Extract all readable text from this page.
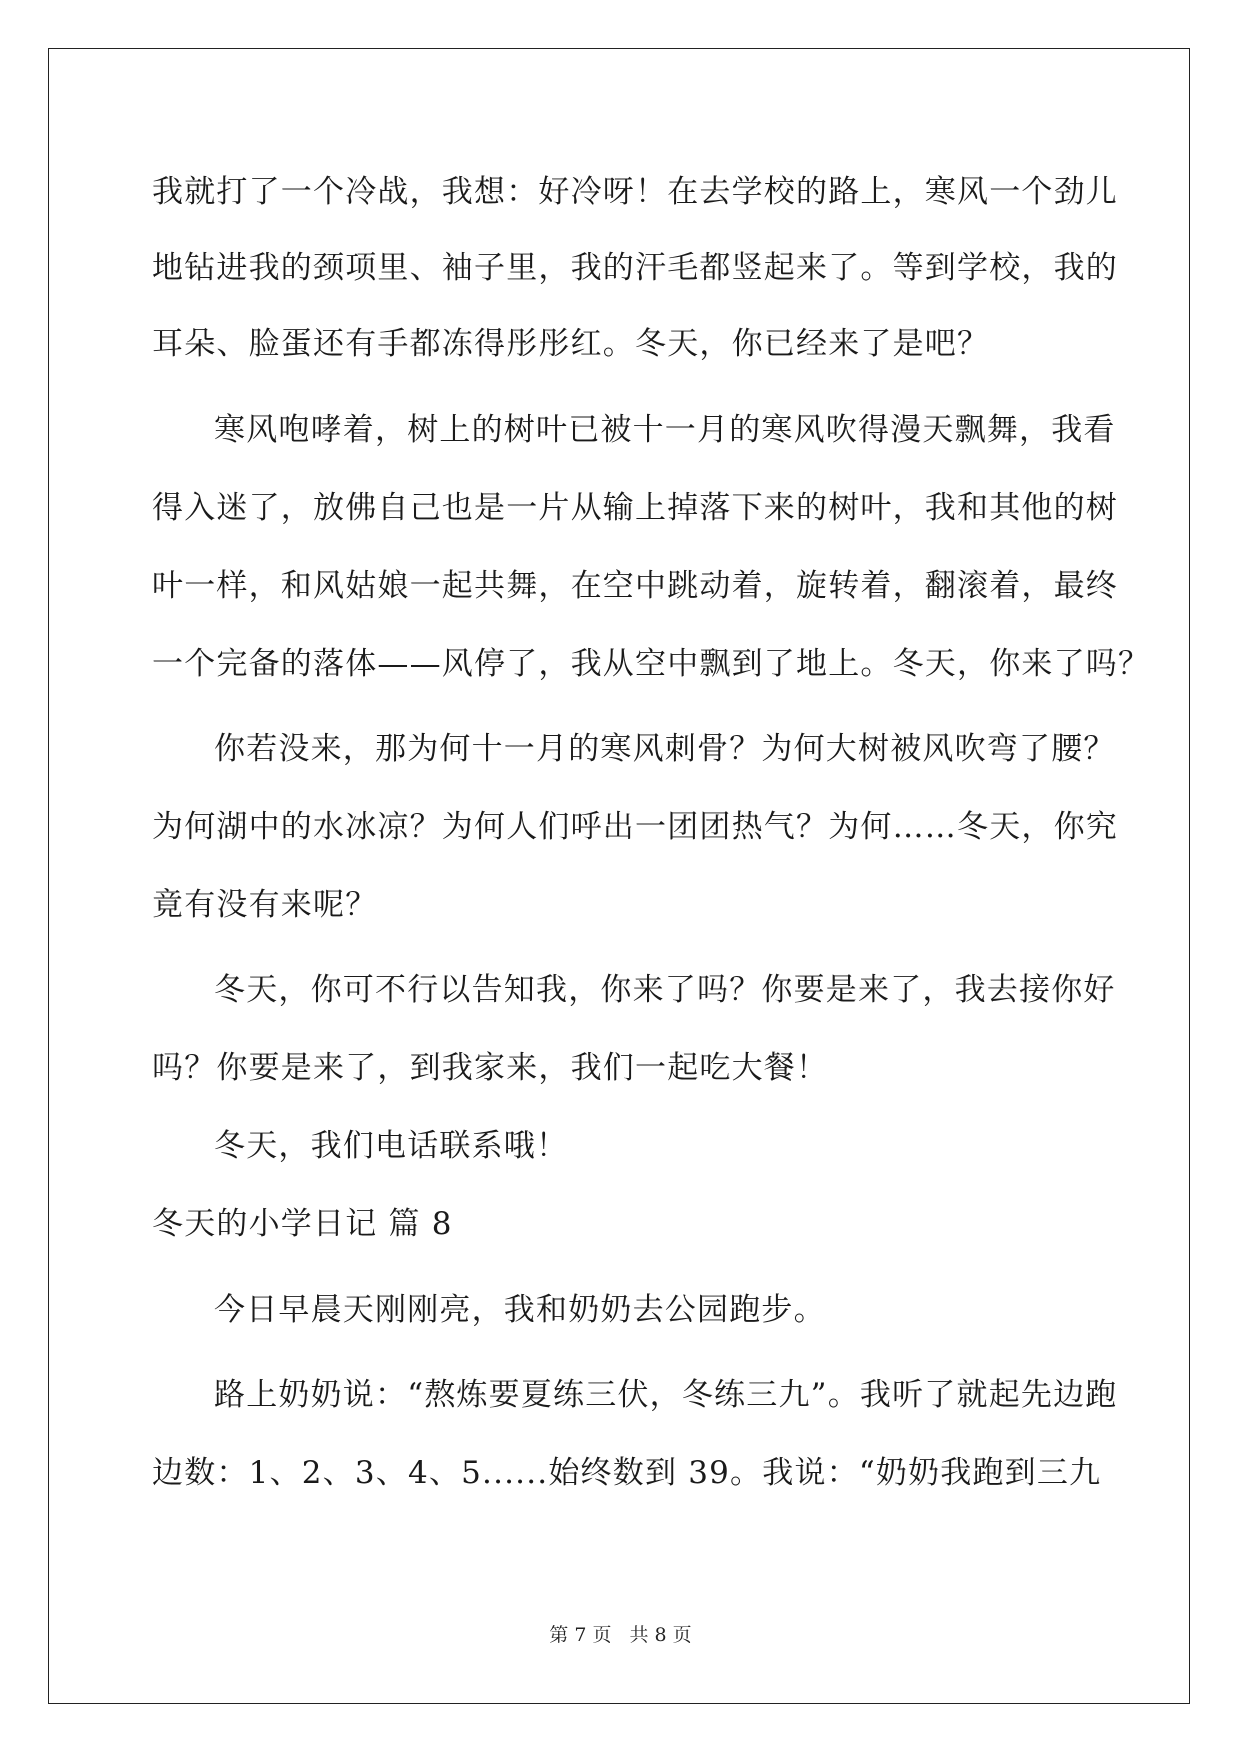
我就打了一个冷战，我想：好冷呀！在去学校的路上，寒风一个劲儿
地钻进我的颈项里、袖子里，我的汗毛都竖起来了。等到学校，我的
耳朵、脸蛋还有手都冻得彤彤红。冬天，你已经来了是吧？
寒风咆哮着，树上的树叶已被十一月的寒风吹得漫天飘舞，我看
得入迷了，放佛自己也是一片从输上掉落下来的树叶，我和其他的树
叶一样，和风姑娘一起共舞，在空中跳动着，旋转着，翻滚着，最终
一个完备的落体——风停了，我从空中飘到了地上。冬天，你来了吗？
你若没来，那为何十一月的寒风刺骨？为何大树被风吹弯了腰？
为何湖中的水冰凉？为何人们呼出一团团热气？为何……冬天，你究
竟有没有来呢？
冬天，你可不行以告知我，你来了吗？你要是来了，我去接你好
吗？你要是来了，到我家来，我们一起吃大餐！
冬天，我们电话联系哦！
冬天的小学日记 篇 8
今日早晨天刚刚亮，我和奶奶去公园跑步。
路上奶奶说：“熬炼要夏练三伏，冬练三九”。我听了就起先边跑
边数：1、2、3、4、5......始终数到 39。我说：“奶奶我跑到三九
第 7 页 共 8 页
